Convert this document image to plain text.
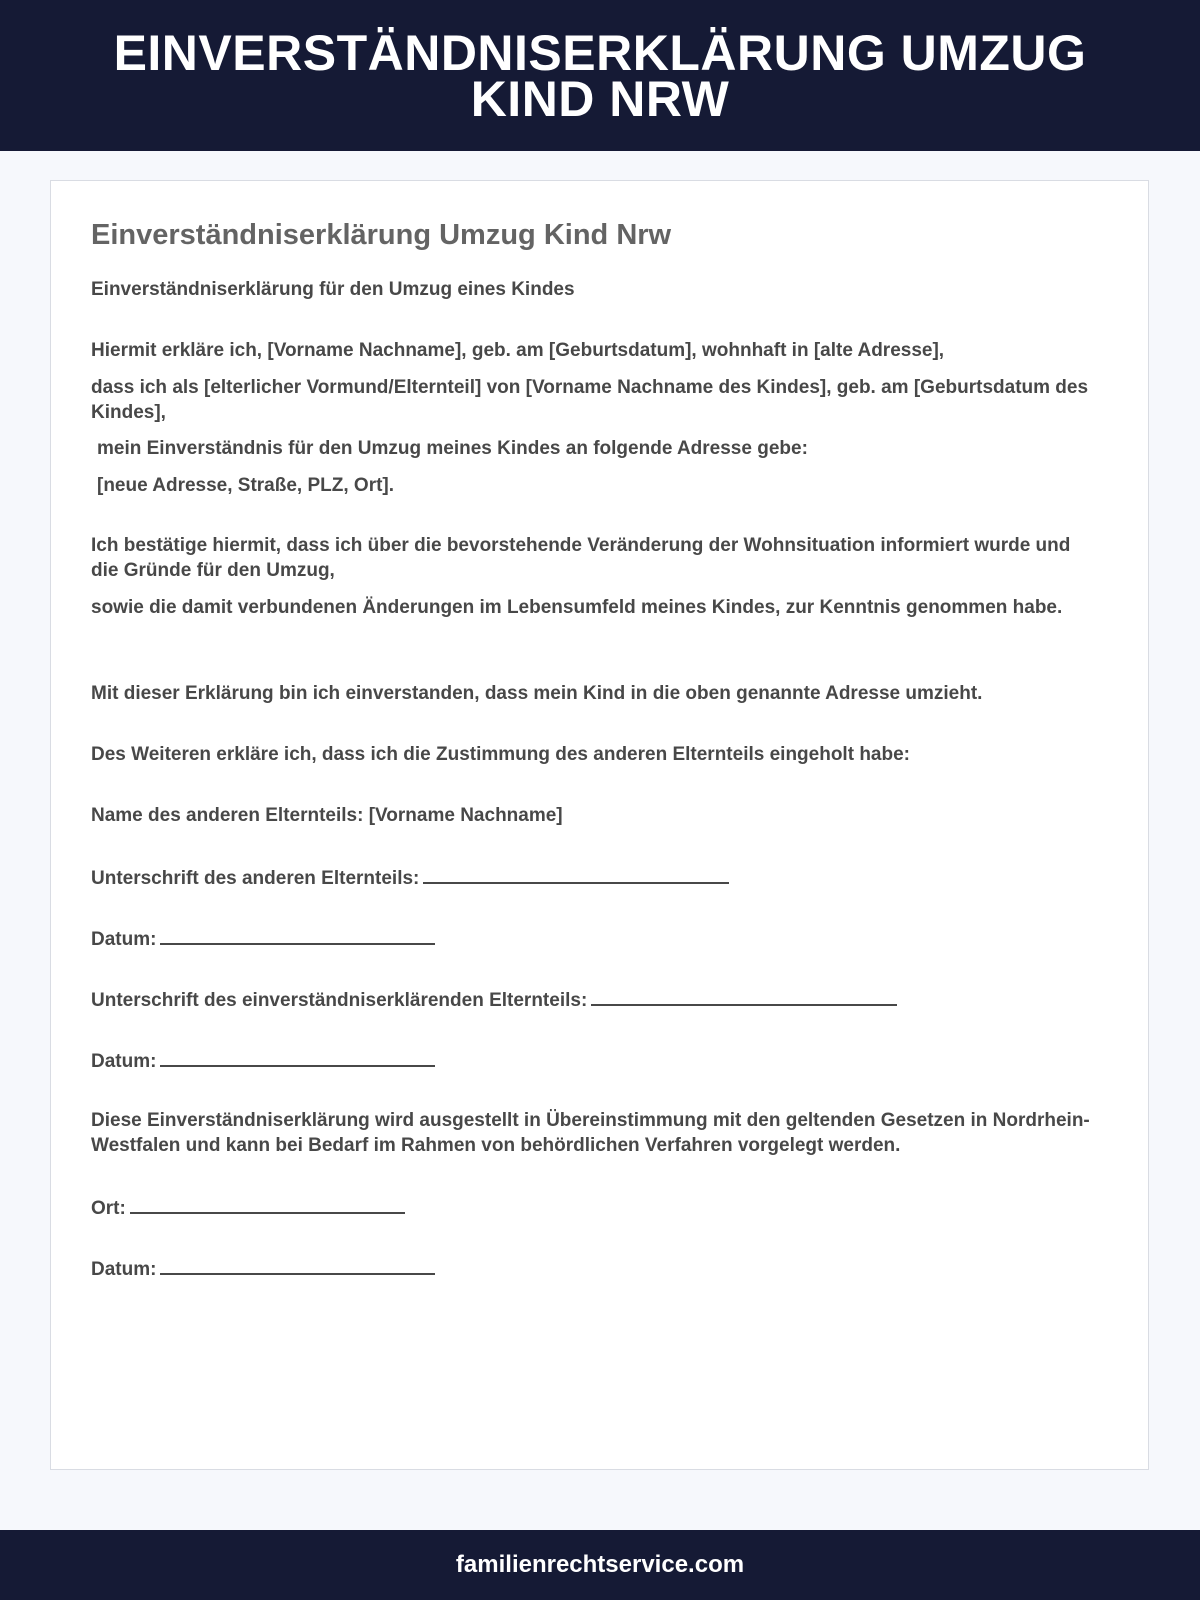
EINVERSTÄNDNISERKLÄRUNG UMZUG KIND NRW
Einverständniserklärung Umzug Kind Nrw

Einverständniserklärung für den Umzug eines Kindes

Hiermit erkläre ich, [Vorname Nachname], geb. am [Geburtsdatum], wohnhaft in [alte Adresse],

dass ich als [elterlicher Vormund/Elternteil] von [Vorname Nachname des Kindes], geb. am [Geburtsdatum des Kindes],

mein Einverständnis für den Umzug meines Kindes an folgende Adresse gebe:

[neue Adresse, Straße, PLZ, Ort].

Ich bestätige hiermit, dass ich über die bevorstehende Veränderung der Wohnsituation informiert wurde und die Gründe für den Umzug,

sowie die damit verbundenen Änderungen im Lebensumfeld meines Kindes, zur Kenntnis genommen habe.

Mit dieser Erklärung bin ich einverstanden, dass mein Kind in die oben genannte Adresse umzieht.

Des Weiteren erkläre ich, dass ich die Zustimmung des anderen Elternteils eingeholt habe:

Name des anderen Elternteils: [Vorname Nachname]

Unterschrift des anderen Elternteils:

Datum:

Unterschrift des einverständniserklärenden Elternteils:

Datum:

Diese Einverständniserklärung wird ausgestellt in Übereinstimmung mit den geltenden Gesetzen in Nordrhein-Westfalen und kann bei Bedarf im Rahmen von behördlichen Verfahren vorgelegt werden.

Ort:

Datum:

familienrechtservice.com
